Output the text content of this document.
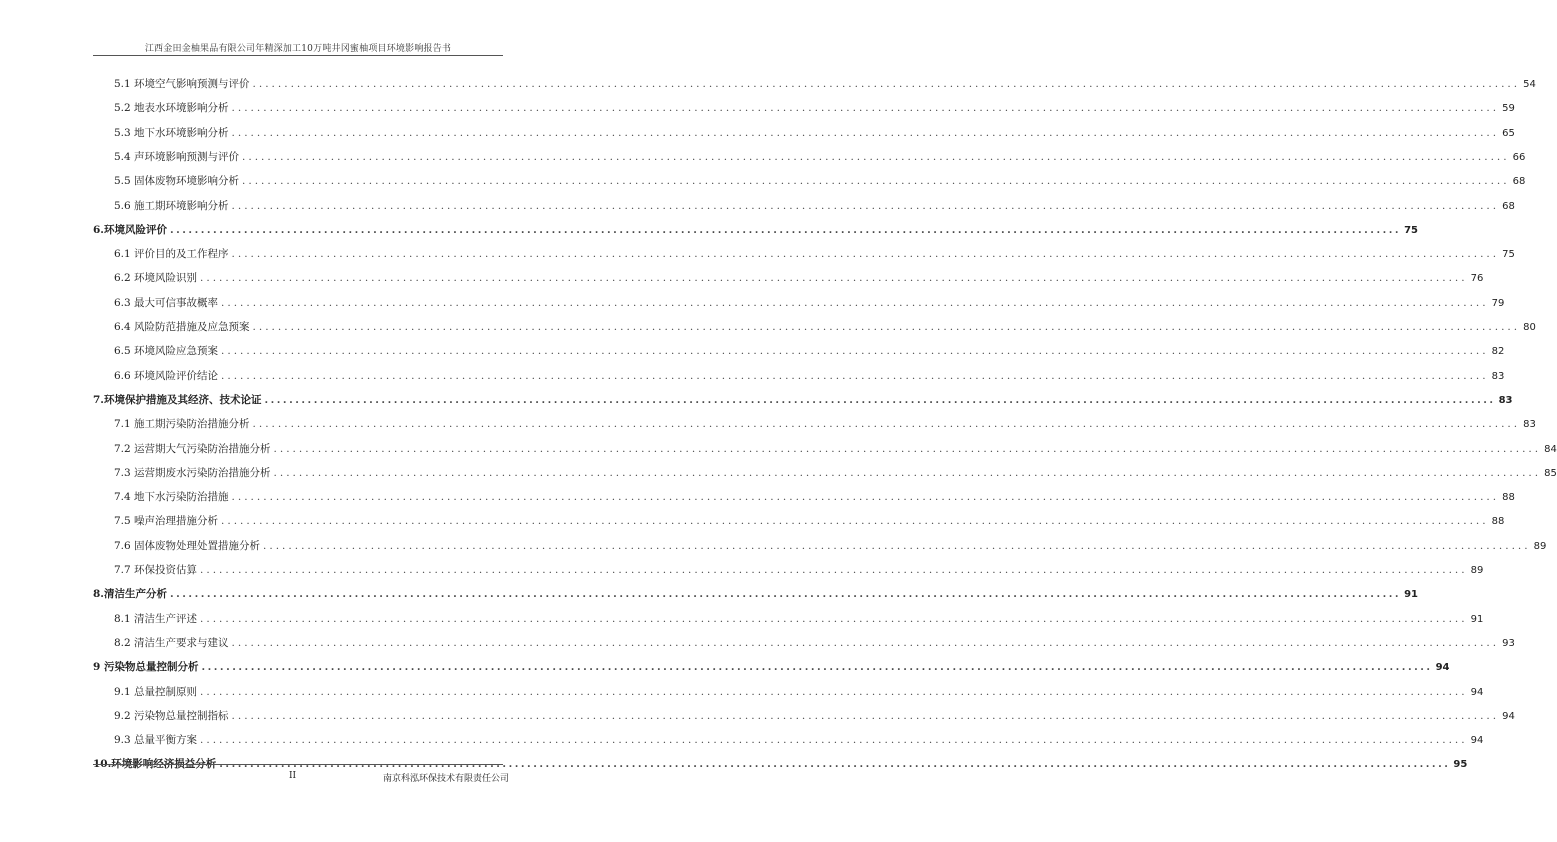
江西金田金柚果品有限公司年精深加工10万吨井冈蜜柚项目环境影响报告书
5.1 环境空气影响预测与评价 ........................................................................................................................................................................................................ 54
5.2 地表水环境影响分析 ........................................................................................................................................................................................................ 59
5.3 地下水环境影响分析 ........................................................................................................................................................................................................ 65
5.4 声环境影响预测与评价 ........................................................................................................................................................................................................ 66
5.5 固体废物环境影响分析 ........................................................................................................................................................................................................ 68
5.6 施工期环境影响分析 ........................................................................................................................................................................................................ 68
6.环境风险评价 ........................................................................................................................................................................................................ 75
6.1 评价目的及工作程序 ........................................................................................................................................................................................................ 75
6.2 环境风险识别 ........................................................................................................................................................................................................ 76
6.3 最大可信事故概率 ........................................................................................................................................................................................................ 79
6.4 风险防范措施及应急预案 ........................................................................................................................................................................................................ 80
6.5 环境风险应急预案 ........................................................................................................................................................................................................ 82
6.6 环境风险评价结论 ........................................................................................................................................................................................................ 83
7.环境保护措施及其经济、技术论证 ........................................................................................................................................................................................................ 83
7.1 施工期污染防治措施分析 ........................................................................................................................................................................................................ 83
7.2 运营期大气污染防治措施分析 ........................................................................................................................................................................................................ 84
7.3 运营期废水污染防治措施分析 ........................................................................................................................................................................................................ 85
7.4 地下水污染防治措施 ........................................................................................................................................................................................................ 88
7.5 噪声治理措施分析 ........................................................................................................................................................................................................ 88
7.6 固体废物处理处置措施分析 ........................................................................................................................................................................................................ 89
7.7 环保投资估算 ........................................................................................................................................................................................................ 89
8.清洁生产分析 ........................................................................................................................................................................................................ 91
8.1 清洁生产评述 ........................................................................................................................................................................................................ 91
8.2 清洁生产要求与建议 ........................................................................................................................................................................................................ 93
9 污染物总量控制分析 ........................................................................................................................................................................................................ 94
9.1 总量控制原则 ........................................................................................................................................................................................................ 94
9.2 污染物总量控制指标 ........................................................................................................................................................................................................ 94
9.3 总量平衡方案 ........................................................................................................................................................................................................ 94
10.环境影响经济损益分析 ........................................................................................................................................................................................................ 95
II	南京科泓环保技术有限责任公司
